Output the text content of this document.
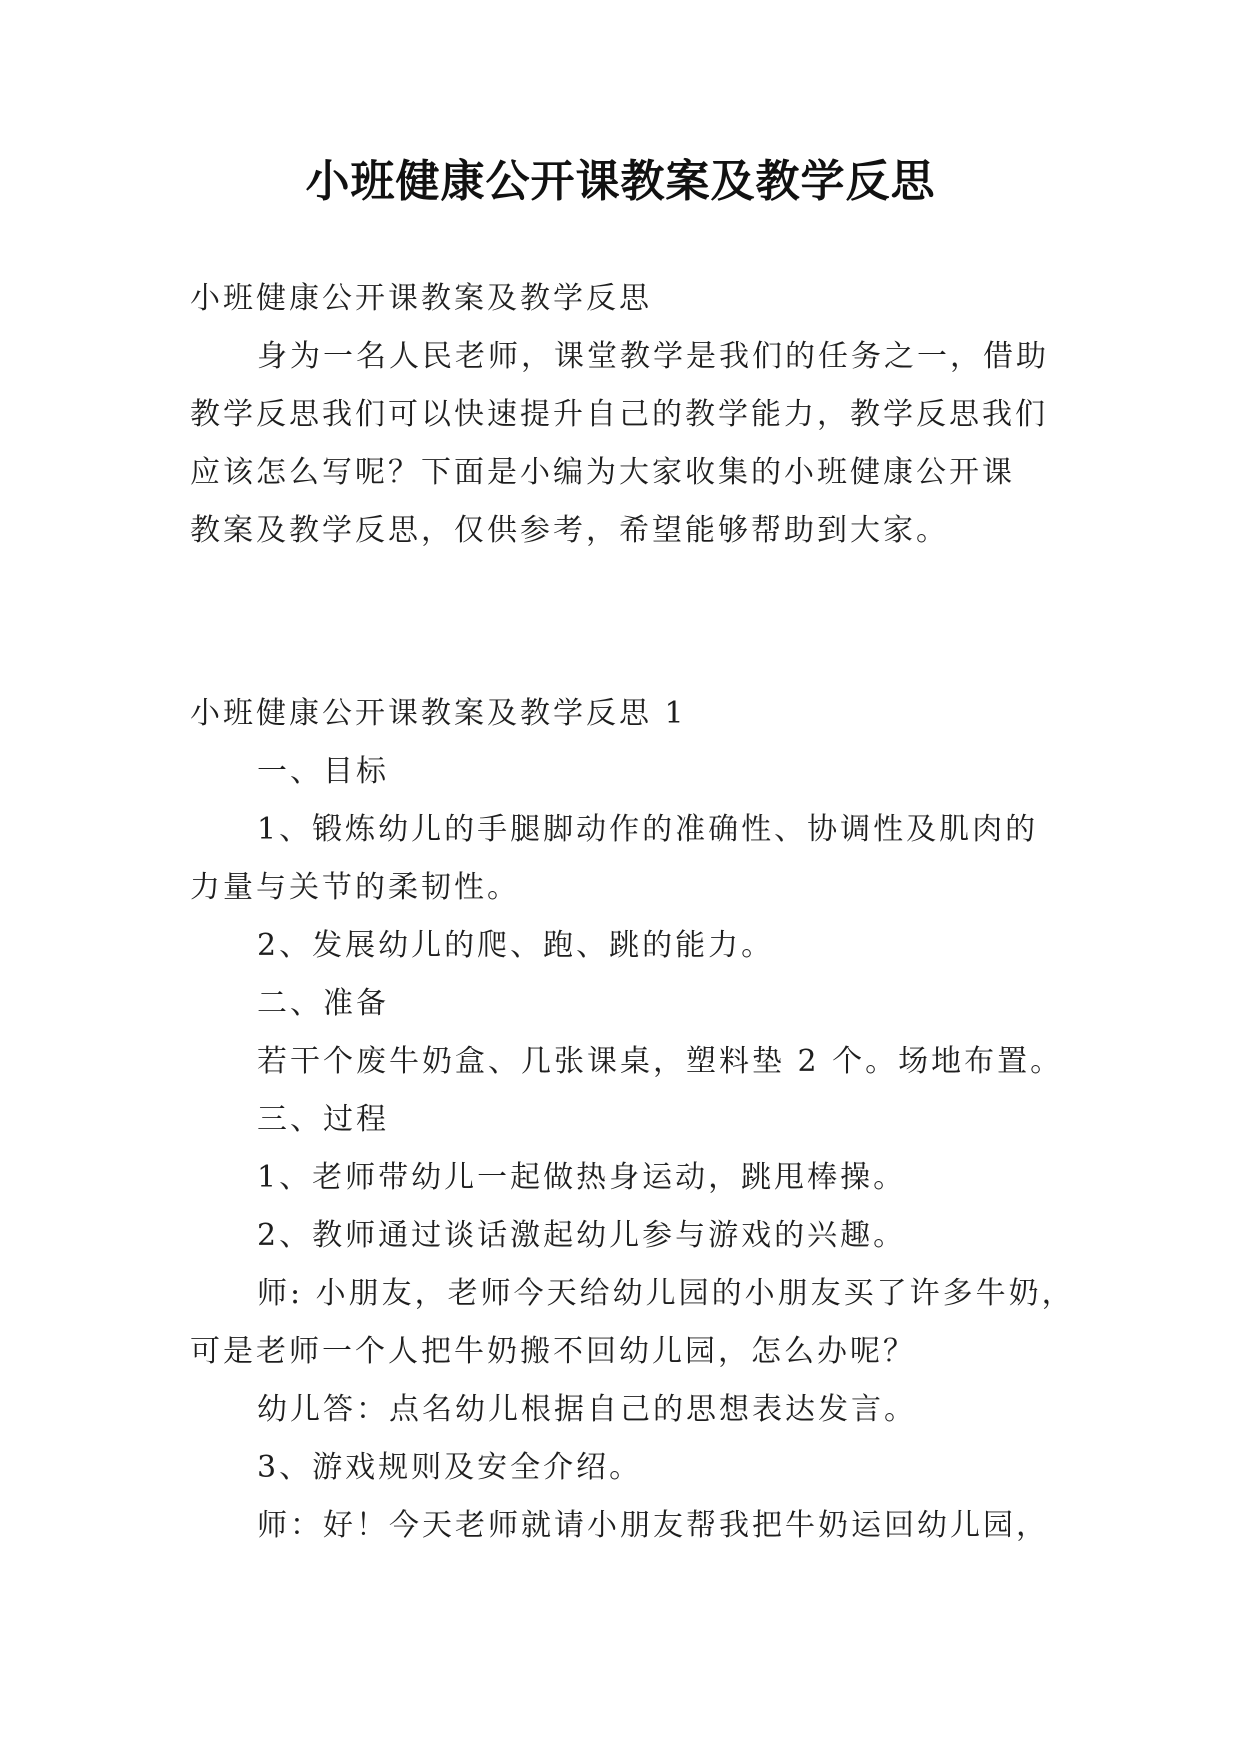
小班健康公开课教案及教学反思
小班健康公开课教案及教学反思
身为一名人民老师，课堂教学是我们的任务之一，借助
教学反思我们可以快速提升自己的教学能力，教学反思我们
应该怎么写呢？下面是小编为大家收集的小班健康公开课
教案及教学反思，仅供参考，希望能够帮助到大家。
小班健康公开课教案及教学反思 1
一、目标
1、锻炼幼儿的手腿脚动作的准确性、协调性及肌肉的
力量与关节的柔韧性。
2、发展幼儿的爬、跑、跳的能力。
二、准备
若干个废牛奶盒、几张课桌，塑料垫 2 个。场地布置。
三、过程
1、老师带幼儿一起做热身运动，跳甩棒操。
2、教师通过谈话激起幼儿参与游戏的兴趣。
师: 小朋友，老师今天给幼儿园的小朋友买了许多牛奶，
可是老师一个人把牛奶搬不回幼儿园，怎么办呢？
幼儿答：点名幼儿根据自己的思想表达发言。
3、游戏规则及安全介绍。
师：好！今天老师就请小朋友帮我把牛奶运回幼儿园，
